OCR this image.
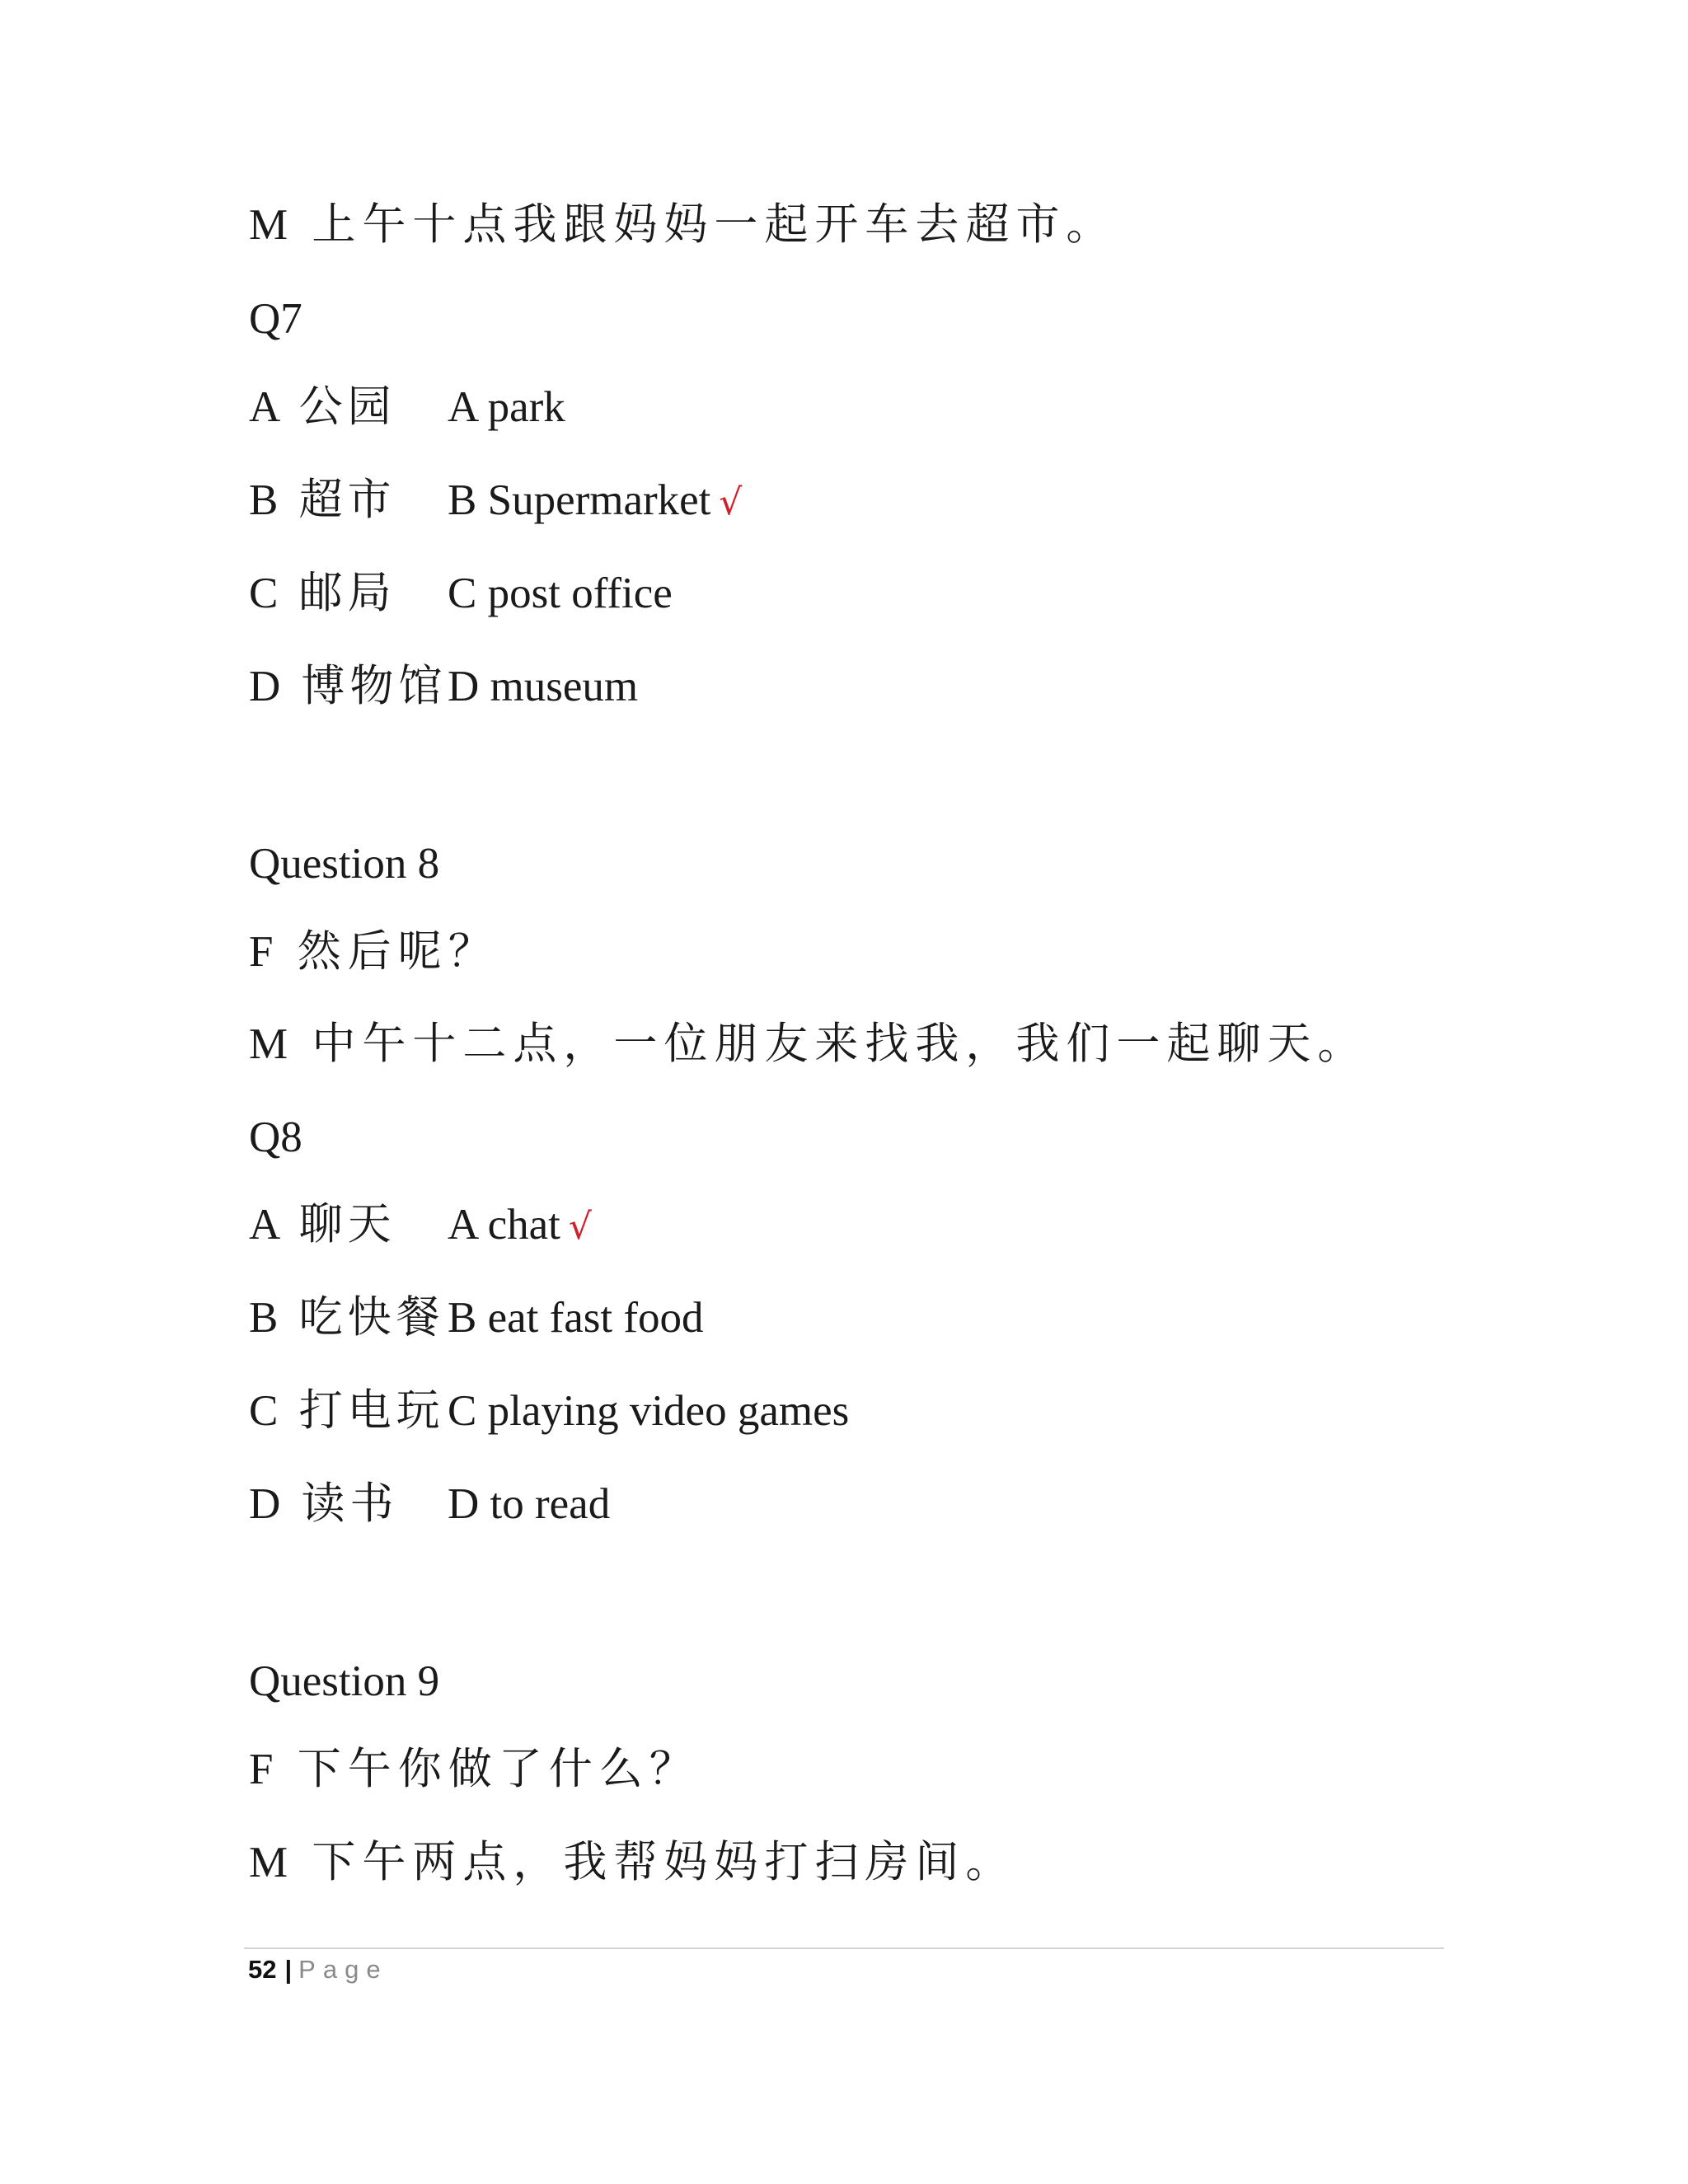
M 上午十点我跟妈妈一起开车去超市。
Q7
A 公园 A park
B 超市 B Supermarket √
C 邮局 C post office
D 博物馆 D museum
Question 8
F 然后呢？
M 中午十二点，一位朋友来找我，我们一起聊天。
Q8
A 聊天 A chat √
B 吃快餐 B eat fast food
C 打电玩 C playing video games
D 读书 D to read
Question 9
F 下午你做了什么？
M 下午两点，我帮妈妈打扫房间。
52 | Page
